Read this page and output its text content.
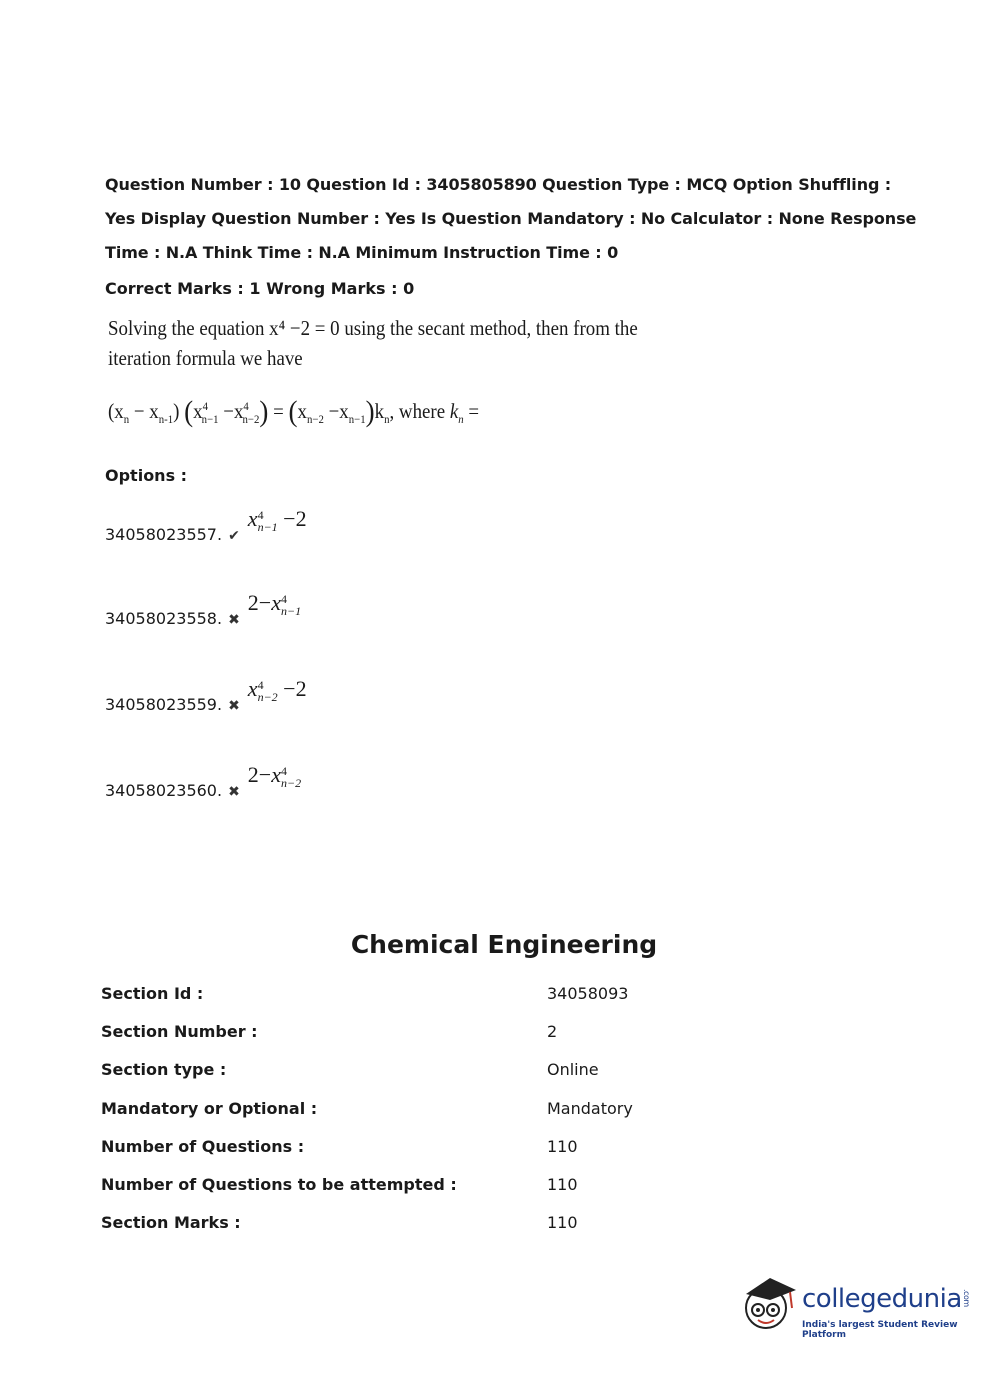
Question Number : 10 Question Id : 3405805890 Question Type : MCQ Option Shuffling : Yes Display Question Number : Yes Is Question Mandatory : No Calculator : None Response Time : N.A Think Time : N.A Minimum Instruction Time : 0
Correct Marks : 1 Wrong Marks : 0
Solving the equation x⁴ −2 = 0 using the secant method, then from the iteration formula we have
$(x_n - x_{n-1})$ $(x^4_{n-1} -x^4_{n-2}) = (x_{n-2} -x_{n-1})k_n$, where $k_n$ =
Options :
34058023557. ✔x 4
n−1 −2
34058023558. ✖2−x 4
n−1
34058023559. ✖x 4
n−2 −2
34058023560. ✖2−x 4
n−2
Chemical Engineering
Section Id :	34058093
Section Number :	2
Section type :	Online
Mandatory or Optional :	Mandatory
Number of Questions :	110
Number of Questions to be attempted :	110
Section Marks :	110
collegedunia.com
India's largest Student Review Platform
